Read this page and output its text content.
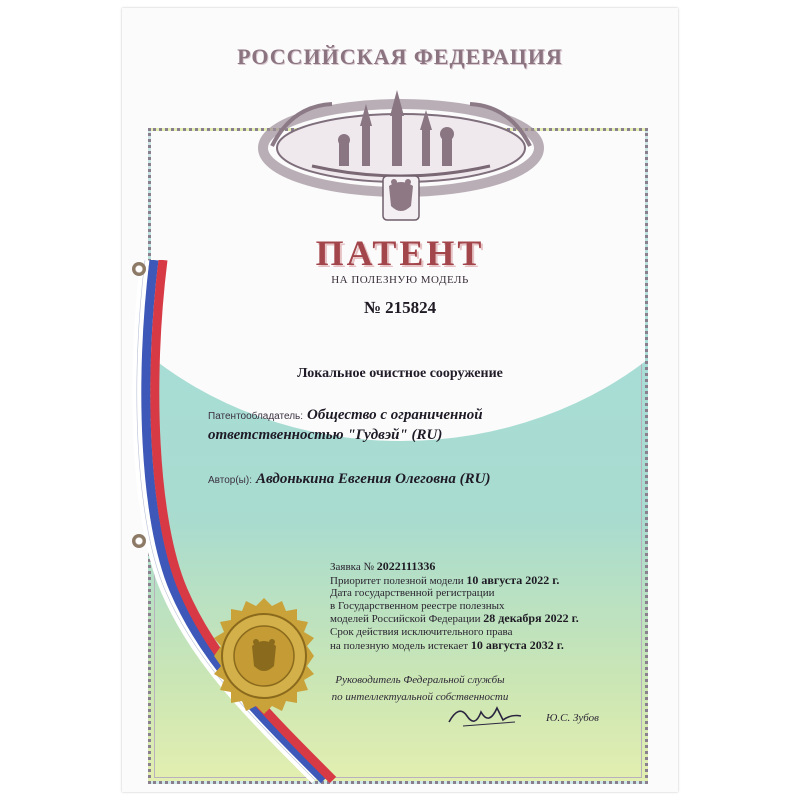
РОССИЙСКАЯ ФЕДЕРАЦИЯ
ПАТЕНТ
НА ПОЛЕЗНУЮ МОДЕЛЬ
№ 215824
Локальное очистное сооружение
Патентообладатель: Общество с ограниченной
ответственностью "Гудвэй" (RU)
Автор(ы): Авдонькина Евгения Олеговна (RU)
Заявка № 2022111336
Приоритет полезной модели 10 августа 2022 г.
Дата государственной регистрации
в Государственном реестре полезных
моделей Российской Федерации 28 декабря 2022 г.
Срок действия исключительного права
на полезную модель истекает 10 августа 2032 г.
Руководитель Федеральной службы
по интеллектуальной собственности
Ю.С. Зубов
